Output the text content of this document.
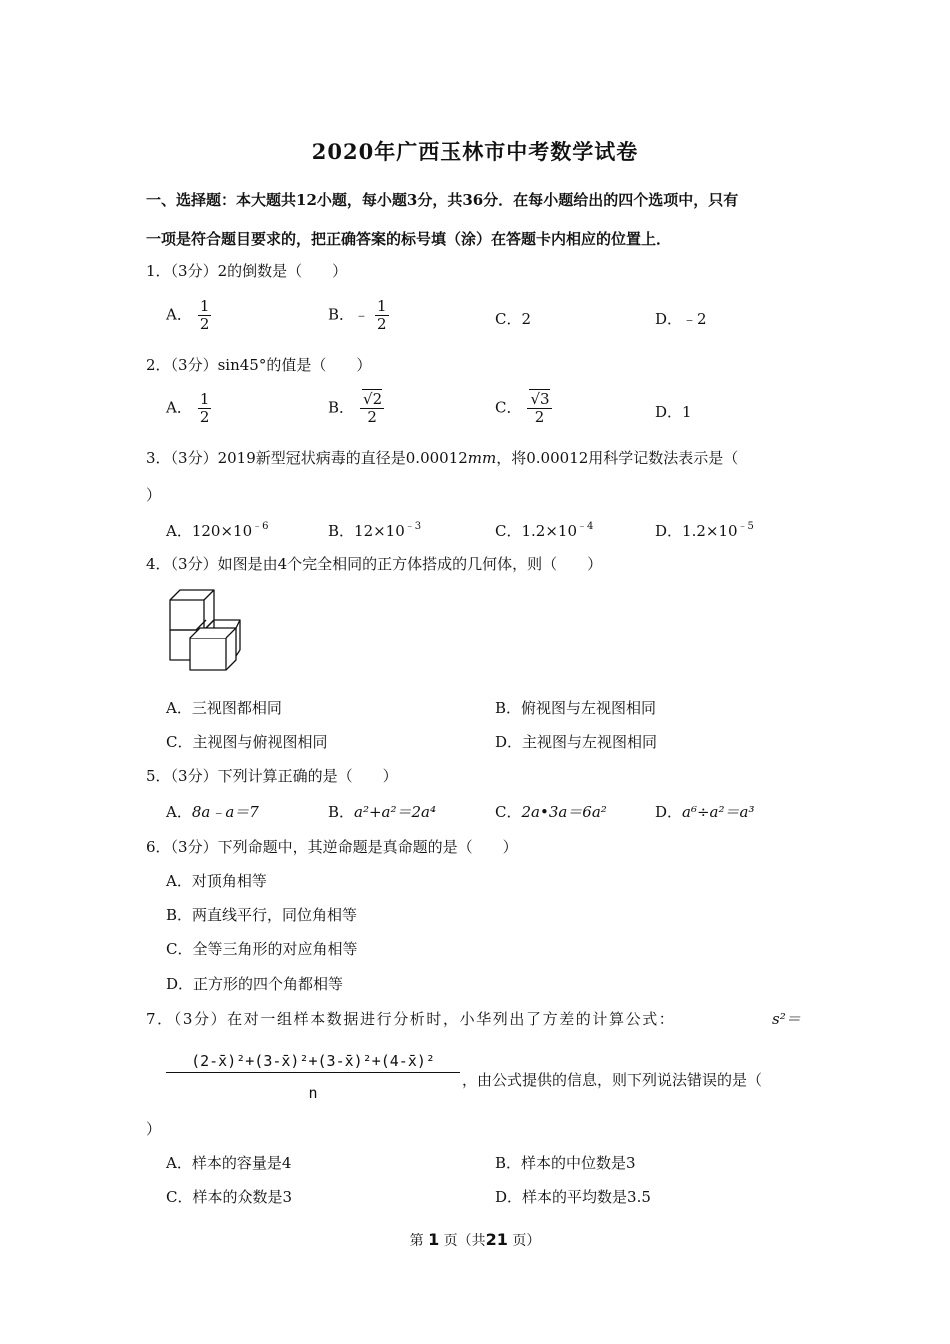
2020年广西玉林市中考数学试卷
一、选择题：本大题共12小题，每小题3分，共36分．在每小题给出的四个选项中，只有
一项是符合题目要求的，把正确答案的标号填（涂）在答题卡内相应的位置上．
1．（3分）2的倒数是（　　）
A． $\frac{1}{2}$	B．﹣ $\frac{1}{2}$	C．2	D．﹣2
2．（3分）sin45°的值是（　　）
A． $\frac{1}{2}$	B． $\frac{√2}{2}$	C． $\frac{√3}{2}$	D．1
3．（3分）2019新型冠状病毒的直径是0.00012mm，将0.00012用科学记数法表示是（
）
A．$120\times 10^{﹣6}$	B．$12\times 10^{﹣3}$	C．$1.2\times 10^{﹣4}$	D．$1.2\times 10^{﹣5}$
4．（3分）如图是由4个完全相同的正方体搭成的几何体，则（　　）
A．三视图都相同	B．俯视图与左视图相同
C．主视图与俯视图相同	D．主视图与左视图相同
5．（3分）下列计算正确的是（　　）
A．8a﹣a＝7	B．a²+a²＝2a⁴	C．2a•3a＝6a²	D．a⁶÷a²＝a³
6．（3分）下列命题中，其逆命题是真命题的是（　　）
A．对顶角相等
B．两直线平行，同位角相等
C．全等三角形的对应角相等
D．正方形的四个角都相等
7．（3分）在对一组样本数据进行分析时，小华列出了方差的计算公式：	s²＝
(2-x̄)²+(3-x̄)²+(3-x̄)²+(4-x̄)²
n
，由公式提供的信息，则下列说法错误的是（
）
A．样本的容量是4	B．样本的中位数是3
C．样本的众数是3	D．样本的平均数是3.5
第 1 页（共21 页）
